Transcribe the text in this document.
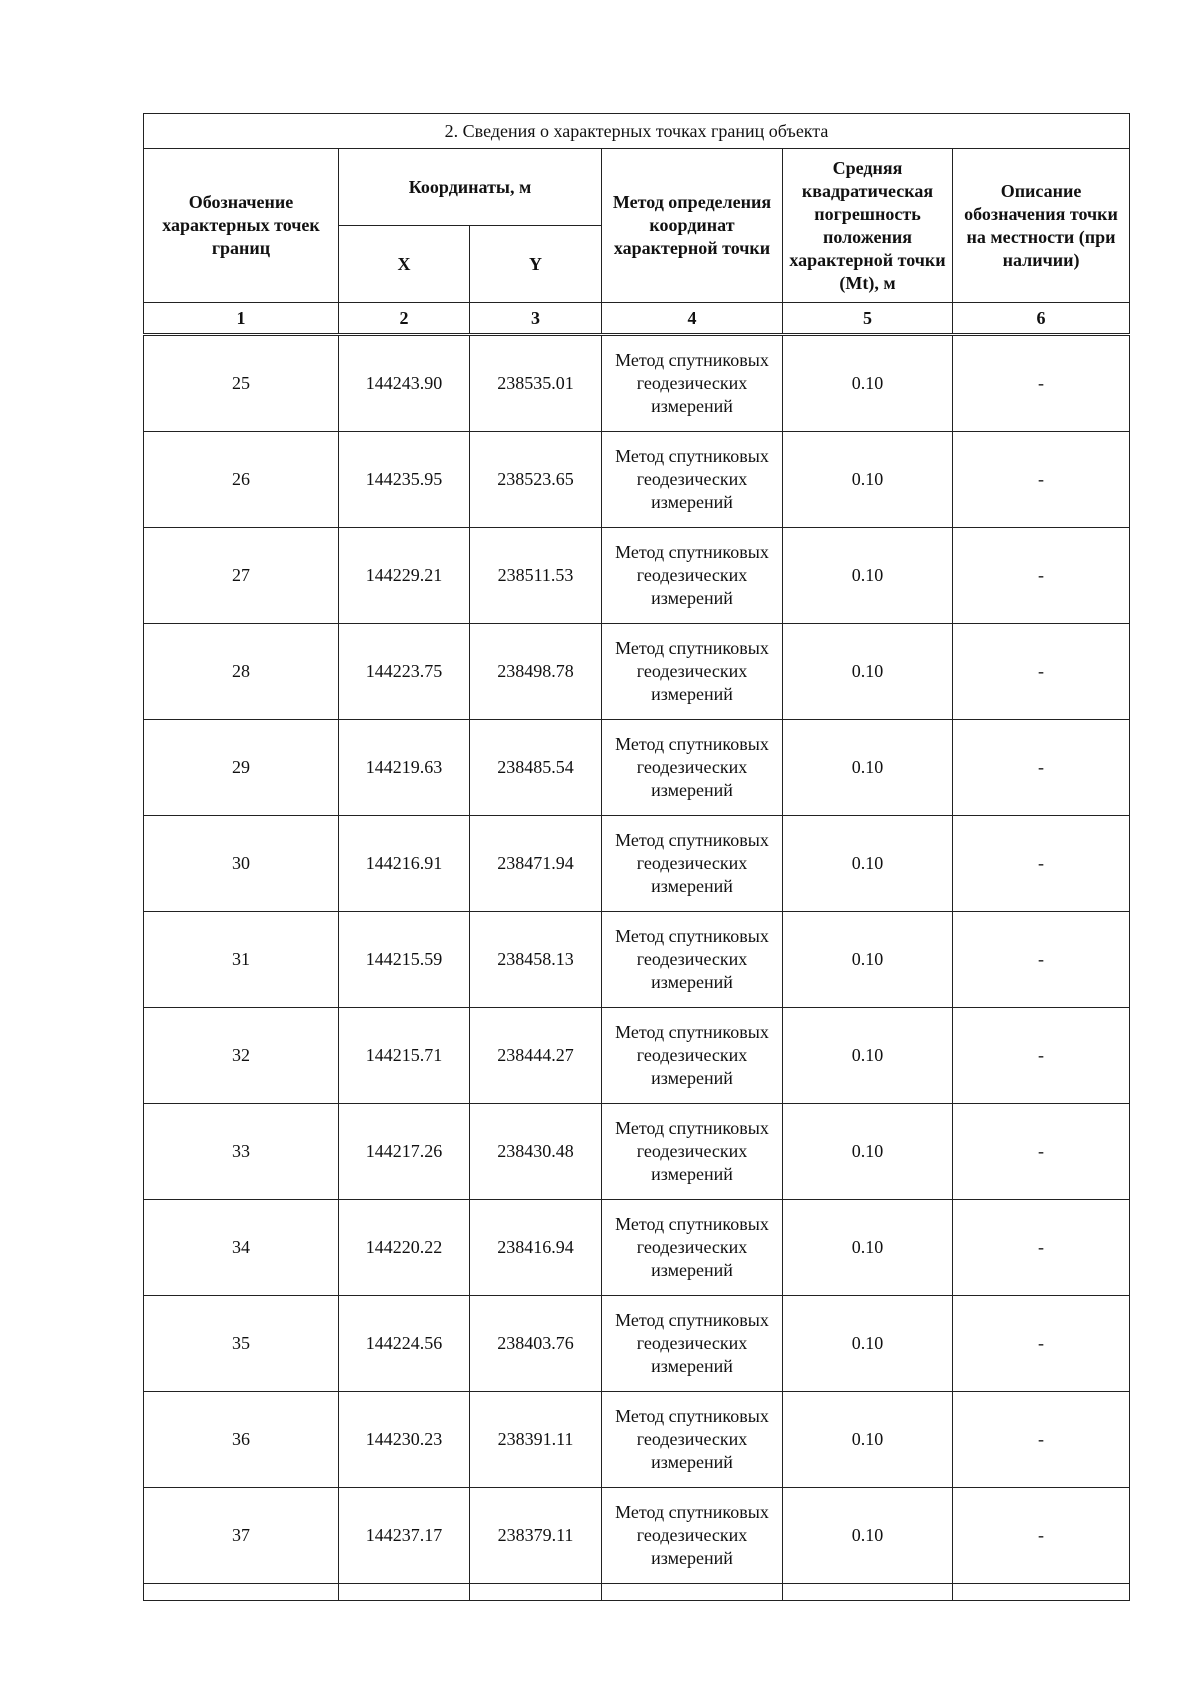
2. Сведения о характерных точках границ объекта					
Обозначение характерных точек границ	Координаты, м		Метод определения координат характерной точки	Средняя квадратическая погрешность положения характерной точки (Mt), м	Описание обозначения точки на местности (при наличии)
	X	Y			
1	2	3	4	5	6
25	144243.90	238535.01	Метод спутниковых геодезических измерений	0.10	-
26	144235.95	238523.65	Метод спутниковых геодезических измерений	0.10	-
27	144229.21	238511.53	Метод спутниковых геодезических измерений	0.10	-
28	144223.75	238498.78	Метод спутниковых геодезических измерений	0.10	-
29	144219.63	238485.54	Метод спутниковых геодезических измерений	0.10	-
30	144216.91	238471.94	Метод спутниковых геодезических измерений	0.10	-
31	144215.59	238458.13	Метод спутниковых геодезических измерений	0.10	-
32	144215.71	238444.27	Метод спутниковых геодезических измерений	0.10	-
33	144217.26	238430.48	Метод спутниковых геодезических измерений	0.10	-
34	144220.22	238416.94	Метод спутниковых геодезических измерений	0.10	-
35	144224.56	238403.76	Метод спутниковых геодезических измерений	0.10	-
36	144230.23	238391.11	Метод спутниковых геодезических измерений	0.10	-
37	144237.17	238379.11	Метод спутниковых геодезических измерений	0.10	-
